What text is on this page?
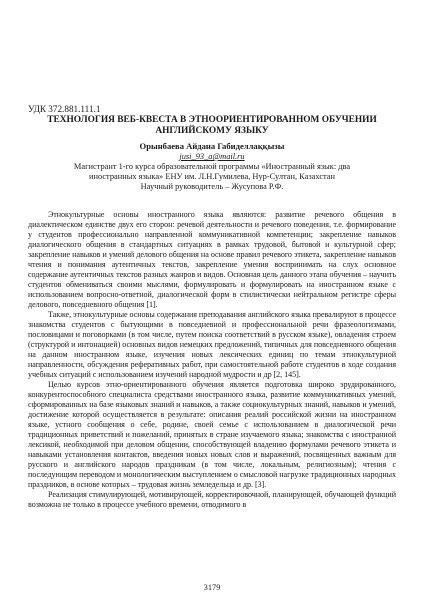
УДК 372.881.111.1

ТЕХНОЛОГИЯ ВЕБ-КВЕСТА В ЭТНООРИЕНТИРОВАННОМ ОБУЧЕНИИ

АНГЛИЙСКОМУ ЯЗЫКУ

Орынбаева Айдана Габиделлаққызы

jusi_93_a@mail.ru

Магистрант 1-го курса образовательной программы «Иностранный язык: два

иностранных языка» ЕНУ им. Л.Н.Гумилева, Нур-Султан, Казахстан

Научный руководитель – Жусупова Р.Ф.

Этнокультурные основы иностранного языка являются: развитие речевого общения в диалектическом единстве двух его сторон: речевой деятельности и речевого поведения, т.е. формирование у студентов профессионально направленной коммуникативной компетенции; закрепление навыков диалогического общения в стандартных ситуациях в рамках трудовой, бытовой и культурной сфер; закрепление навыков и умений делового общения на основе правил речевого этикета, закрепление навыков чтения и понимания аутентичных текстов, закрепление умения воспринимать на слух основное содержание аутентичных текстов разных жанров и видов. Основная цель данного этапа обучения – научить студентов обмениваться своими мыслями, формулировать и формулировать на иностранном языке с использованием вопросно-ответной, диалогической форм в стилистически нейтральном регистре сферы делового, повседневного общения [1].

Также, этнокультурные основы содержания преподавания английского языка превалируют в процессе знакомства студентов с бытующими в повседневной и профессиональной речи фразеологизмами, пословицами и поговорками (в том числе, путем поиска соответствий в русском языке), овладения строем (структурой и интонацией) основных видов немецких предложений, типичных для повседневного общения на данном иностранном языке, изучения новых лексических единиц по темам этнокультурной направленности, обсуждения реферативных работ, при самостоятельной работе студентов в ходе создания учебных ситуаций с использованием изучений народной мудрости и др [2, 145].

Целью курсов этно-ориентированного обучения является подготовка широко эрудированного, конкурентоспособного специалиста средствами иностранного языка, развитие коммуникативных умений, сформированных на базе языковых знаний и навыков, а также социокультурных знаний, навыков и умений, достижение которой осуществляется в результате: описания реалий российской жизни на иностранном языке, устного сообщения о себе, родине, своей семье с использованием в диалогической речи традиционных приветствий и пожеланий, принятых в стране изучаемого языка; знакомства с иностранной лексикой, необходимой при деловом общении, способствующей владению формулами речевого этикета и навыками установления контактов, введения новых новых слов и выражений, посвященных важным для русского и английского народов праздникам (в том числе, локальным, религиозным); чтения с последующим переводом и монологическим выступлением о смысловой нагрузке традиционных народных праздников, в основе которых – трудовая жизнь земледельца и др. [3].

Реализация стимулирующей, мотивирующей, корректировочной, планирующей, обучающей функций возможна не только в процессе учебного времени, отводимого в

3179
